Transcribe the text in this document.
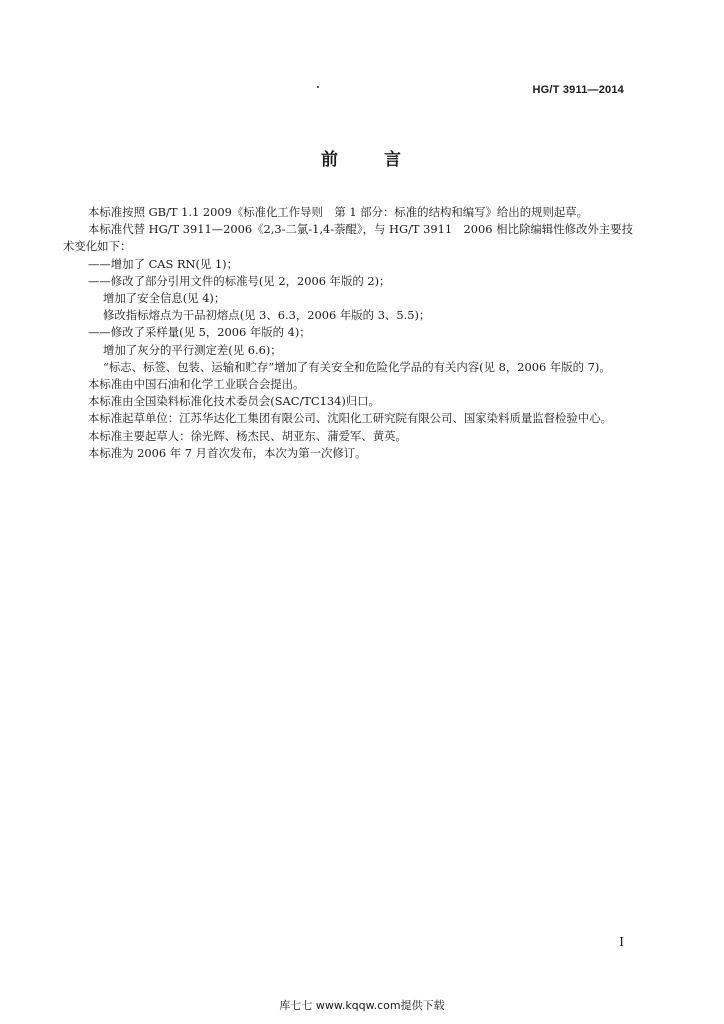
HG/T 3911—2014
前	言

本标准按照 GB/T 1.1 2009《标准化工作导则　第 1 部分：标准的结构和编写》给出的规则起草。

本标准代替 HG/T 3911—2006《2,3-二氯-1,4-萘醌》，与 HG/T 3911　2006 相比除编辑性修改外主要技术变化如下：

——增加了 CAS RN(见 1)；

——修改了部分引用文件的标准号(见 2，2006 年版的 2)；

增加了安全信息(见 4)；

修改指标熔点为干品初熔点(见 3、6.3，2006 年版的 3、5.5)；

——修改了采样量(见 5，2006 年版的 4)；

增加了灰分的平行测定差(见 6.6)；

“标志、标签、包装、运输和贮存”增加了有关安全和危险化学品的有关内容(见 8，2006 年版的 7)。

本标准由中国石油和化学工业联合会提出。

本标准由全国染料标准化技术委员会(SAC/TC134)归口。

本标准起草单位：江苏华达化工集团有限公司、沈阳化工研究院有限公司、国家染料质量监督检验中心。

本标准主要起草人：徐光辉、杨杰民、胡亚东、蒲爱军、黄英。

本标准为 2006 年 7 月首次发布，本次为第一次修订。

I
库七七 www.kqqw.com提供下载
